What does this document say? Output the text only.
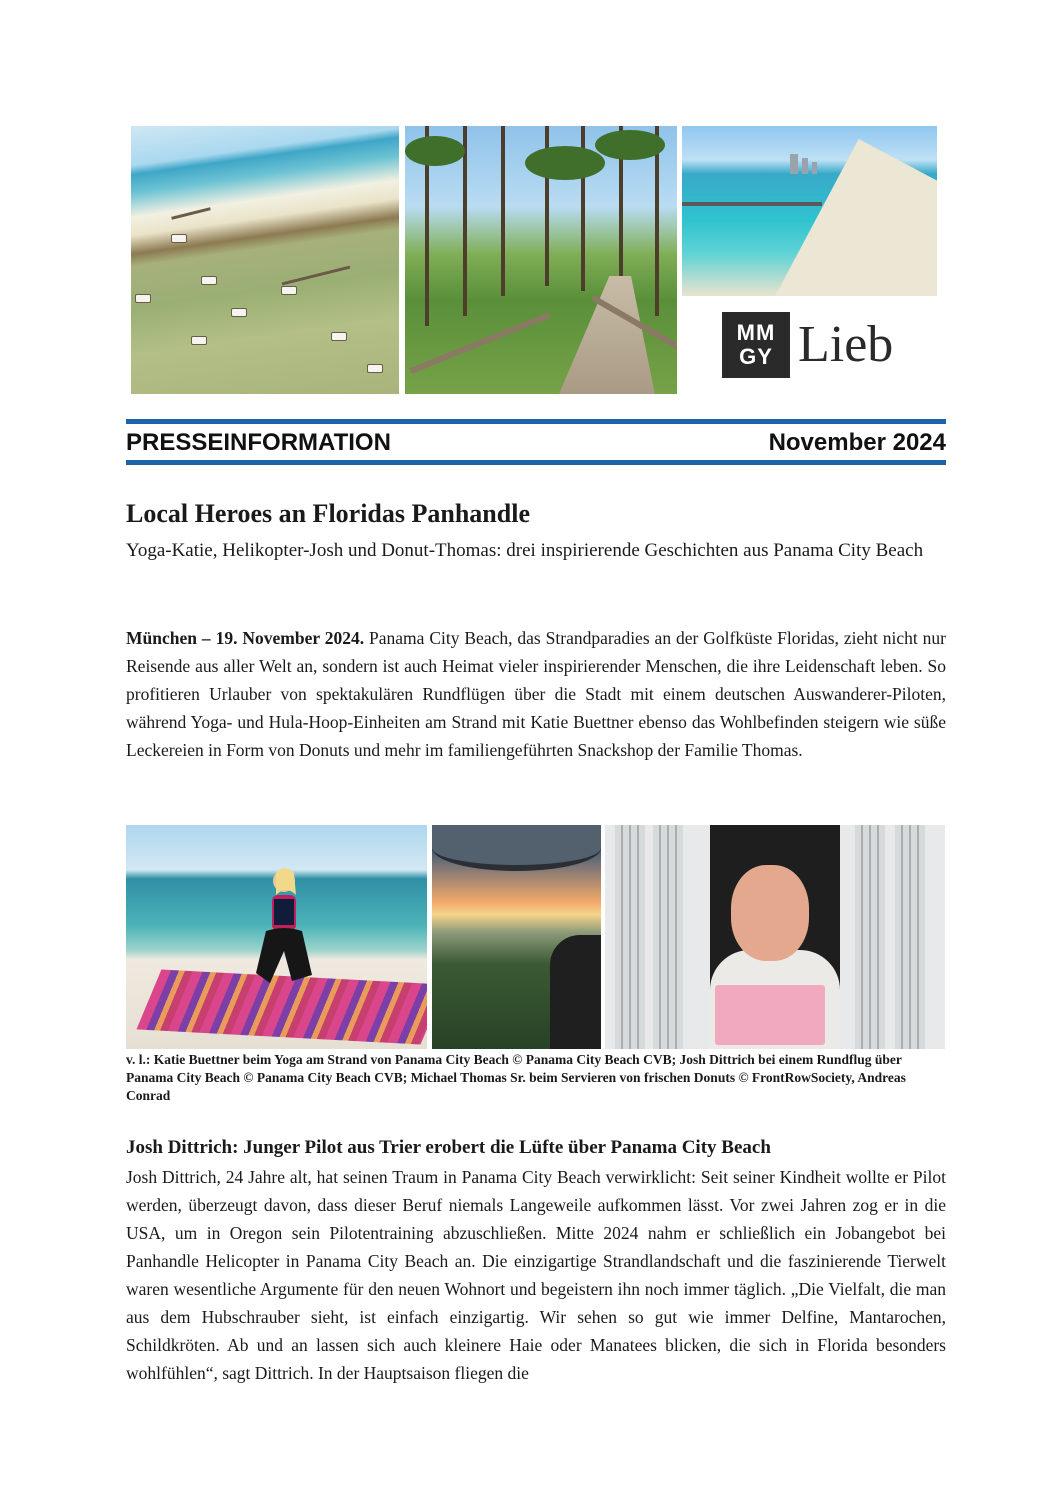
MM
GY Lieb
PRESSEINFORMATION	November 2024
Local Heroes an Floridas Panhandle
Yoga-Katie, Helikopter-Josh und Donut-Thomas: drei inspirierende Geschichten aus Panama City Beach
München – 19. November 2024. Panama City Beach, das Strandparadies an der Golfküste Floridas, zieht nicht nur Reisende aus aller Welt an, sondern ist auch Heimat vieler inspirierender Menschen, die ihre Leidenschaft leben. So profitieren Urlauber von spektakulären Rundflügen über die Stadt mit einem deutschen Auswanderer-Piloten, während Yoga- und Hula-Hoop-Einheiten am Strand mit Katie Buettner ebenso das Wohlbefinden steigern wie süße Leckereien in Form von Donuts und mehr im familiengeführten Snackshop der Familie Thomas.
v. l.: Katie Buettner beim Yoga am Strand von Panama City Beach © Panama City Beach CVB; Josh Dittrich bei einem Rundflug über Panama City Beach © Panama City Beach CVB; Michael Thomas Sr. beim Servieren von frischen Donuts © FrontRowSociety, Andreas Conrad
Josh Dittrich: Junger Pilot aus Trier erobert die Lüfte über Panama City Beach
Josh Dittrich, 24 Jahre alt, hat seinen Traum in Panama City Beach verwirklicht: Seit seiner Kindheit wollte er Pilot werden, überzeugt davon, dass dieser Beruf niemals Langeweile aufkommen lässt. Vor zwei Jahren zog er in die USA, um in Oregon sein Pilotentraining abzuschließen. Mitte 2024 nahm er schließlich ein Jobangebot bei Panhandle Helicopter in Panama City Beach an. Die einzigartige Strandlandschaft und die faszinierende Tierwelt waren wesentliche Argumente für den neuen Wohnort und begeistern ihn noch immer täglich. „Die Vielfalt, die man aus dem Hubschrauber sieht, ist einfach einzigartig. Wir sehen so gut wie immer Delfine, Mantarochen, Schildkröten. Ab und an lassen sich auch kleinere Haie oder Manatees blicken, die sich in Florida besonders wohlfühlen“, sagt Dittrich. In der Hauptsaison fliegen die
